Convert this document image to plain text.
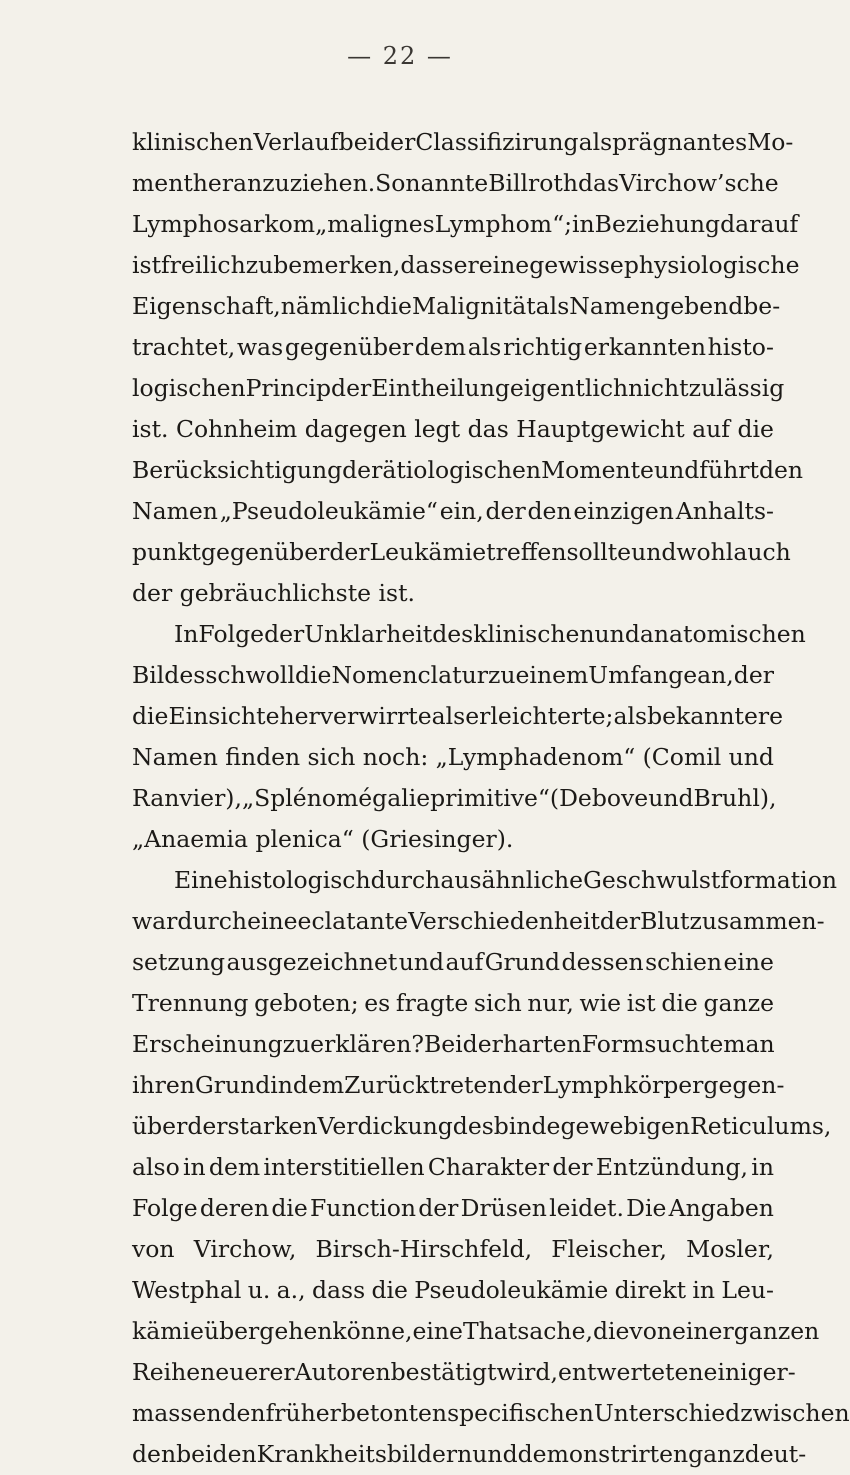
— 22 —
klinischen Verlauf bei der Classifizirung als prägnantes Mo-
ment heranzuziehen. So nannte Billroth das Virchow’sche
Lymphosarkom „malignes Lymphom“; in Beziehung darauf
ist freilich zu bemerken, dass er eine gewisse physiologische
Eigenschaft, nämlich die Malignität als Namen gebend be-
trachtet, was gegenüber dem als richtig erkannten histo-
logischen Princip der Eintheilung eigentlich nicht zulässig
ist. Cohnheim dagegen legt das Hauptgewicht auf die
Berücksichtigung der ätiologischen Momente und führt den
Namen „Pseudoleukämie“ ein, der den einzigen Anhalts-
punkt gegenüber der Leukämie treffen sollte und wohl auch
der gebräuchlichste ist.
In Folge der Unklarheit des klinischen und anatomischen
Bildes schwoll die Nomenclatur zu einem Umfange an, der
die Einsicht eher verwirrte als erleichterte; als bekanntere
Namen finden sich noch: „Lymphadenom“ (Comil und
Ranvier), „Splénomégalie primitive“ (Debove und Bruhl),
„Anaemia plenica“ (Griesinger).
Eine histologisch durchaus ähnliche Geschwulstformation
war durch eine eclatante Verschiedenheit der Blutzusammen-
setzung ausgezeichnet und auf Grund dessen schien eine
Trennung geboten; es fragte sich nur, wie ist die ganze
Erscheinung zu erklären? Bei der harten Form suchte man
ihren Grund in dem Zurücktreten der Lymphkörper gegen-
über der starken Verdickung des bindegewebigen Reticulums,
also in dem interstitiellen Charakter der Entzündung, in
Folge deren die Function der Drüsen leidet. Die Angaben
von Virchow, Birsch-Hirschfeld, Fleischer, Mosler,
Westphal u. a., dass die Pseudoleukämie direkt in Leu-
kämie übergehen könne, eine Thatsache, die von einer ganzen
Reihe neuerer Autoren bestätigt wird, entwerteten einiger-
massen den früher betonten specifischen Unterschied zwischen
den beiden Krankheitsbildern und demonstrirten ganz deut-
